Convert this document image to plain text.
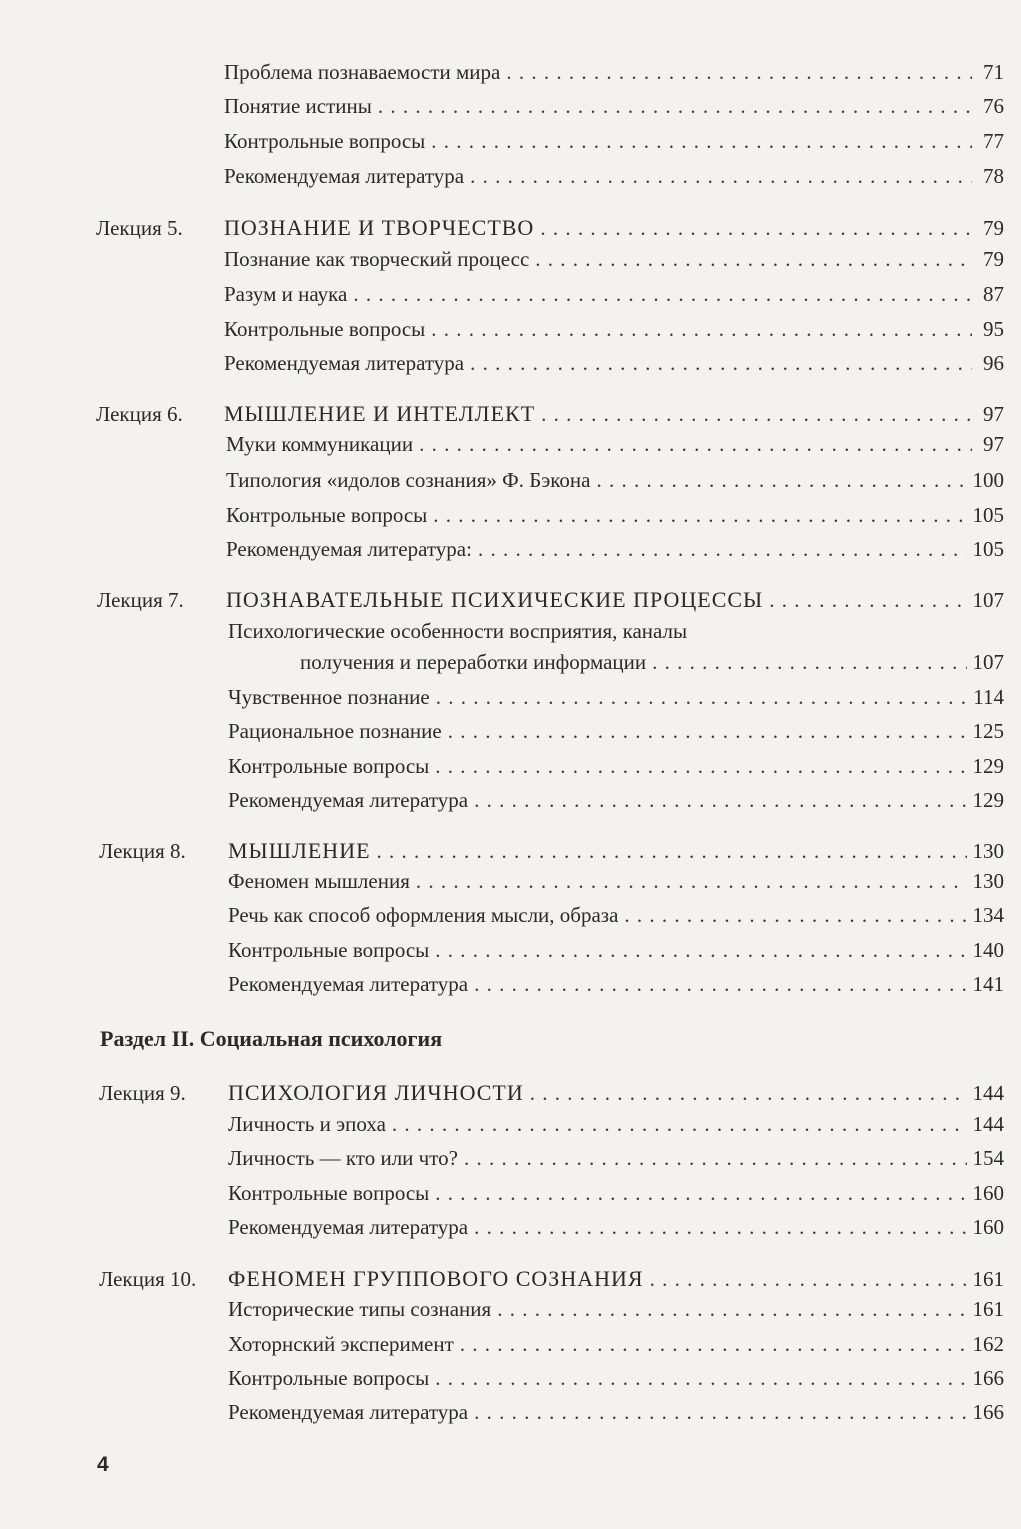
Проблема познаваемости мира . . .	71
Понятие истины . . .	76
Контрольные вопросы . . .	77
Рекомендуемая литература . . .	78
Лекция 5. ПОЗНАНИЕ И ТВОРЧЕСТВО . . .	79
Познание как творческий процесс . . .	79
Разум и наука . . .	87
Контрольные вопросы . . .	95
Рекомендуемая литература . . .	96
Лекция 6. МЫШЛЕНИЕ И ИНТЕЛЛЕКТ . . .	97
Муки коммуникации . . .	97
Типология «идолов сознания» Ф. Бэкона . . .	100
Контрольные вопросы . . .	105
Рекомендуемая литература: . . .	105
Лекция 7. ПОЗНАВАТЕЛЬНЫЕ ПСИХИЧЕСКИЕ ПРОЦЕССЫ . . .	107
Психологические особенности восприятия, каналы
получения и переработки информации . . .	107
Чувственное познание . . .	114
Рациональное познание . . .	125
Контрольные вопросы . . .	129
Рекомендуемая литература . . .	129
Лекция 8. МЫШЛЕНИЕ . . .	130
Феномен мышления . . .	130
Речь как способ оформления мысли, образа . . .	134
Контрольные вопросы . . .	140
Рекомендуемая литература . . .	141
Раздел II. Социальная психология
Лекция 9. ПСИХОЛОГИЯ ЛИЧНОСТИ . . .	144
Личность и эпоха . . .	144
Личность — кто или что? . . .	154
Контрольные вопросы . . .	160
Рекомендуемая литература . . .	160
Лекция 10. ФЕНОМЕН ГРУППОВОГО СОЗНАНИЯ . . .	161
Исторические типы сознания . . .	161
Хоторнский эксперимент . . .	162
Контрольные вопросы . . .	166
Рекомендуемая литература . . .	166
4
